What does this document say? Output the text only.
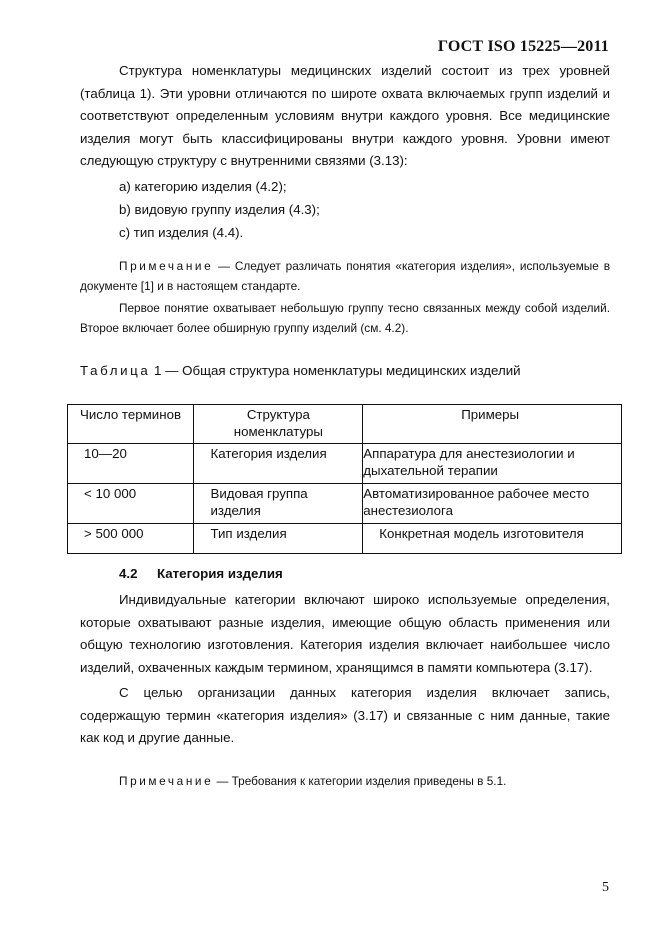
ГОСТ ISO 15225—2011

Структура номенклатуры медицинских изделий состоит из трех уровней (таблица 1). Эти уровни отличаются по широте охвата включаемых групп изделий и соответствуют определенным условиям внутри каждого уровня. Все медицинские изделия могут быть классифицированы внутри каждого уровня. Уровни имеют следующую структуру с внутренними связями (3.13):

а) категорию изделия (4.2);

b) видовую группу изделия (4.3);

с) тип изделия (4.4).

Примечание — Следует различать понятия «категория изделия», используемые в документе [1] и в настоящем стандарте.

Первое понятие охватывает небольшую группу тесно связанных между собой изделий. Второе включает более обширную группу изделий (см. 4.2).

Таблица 1 — Общая структура номенклатуры медицинских изделий

Число терминов	Структура номенклатуры	Примеры

10—20	Категория изделия	Аппаратура для анестезиологии и дыхательной терапии

< 10 000	Видовая группа изделия	Автоматизированное рабочее место анестезиолога

> 500 000	Тип изделия	Конкретная модель изготовителя

4.2 Категория изделия

Индивидуальные категории включают широко используемые определения, которые охватывают разные изделия, имеющие общую область применения или общую технологию изготовления. Категория изделия включает наибольшее число изделий, охваченных каждым термином, хранящимся в памяти компьютера (3.17).

С целью организации данных категория изделия включает запись, содержащую термин «категория изделия» (3.17) и связанные с ним данные, такие как код и другие данные.

Примечание — Требования к категории изделия приведены в 5.1.

5
